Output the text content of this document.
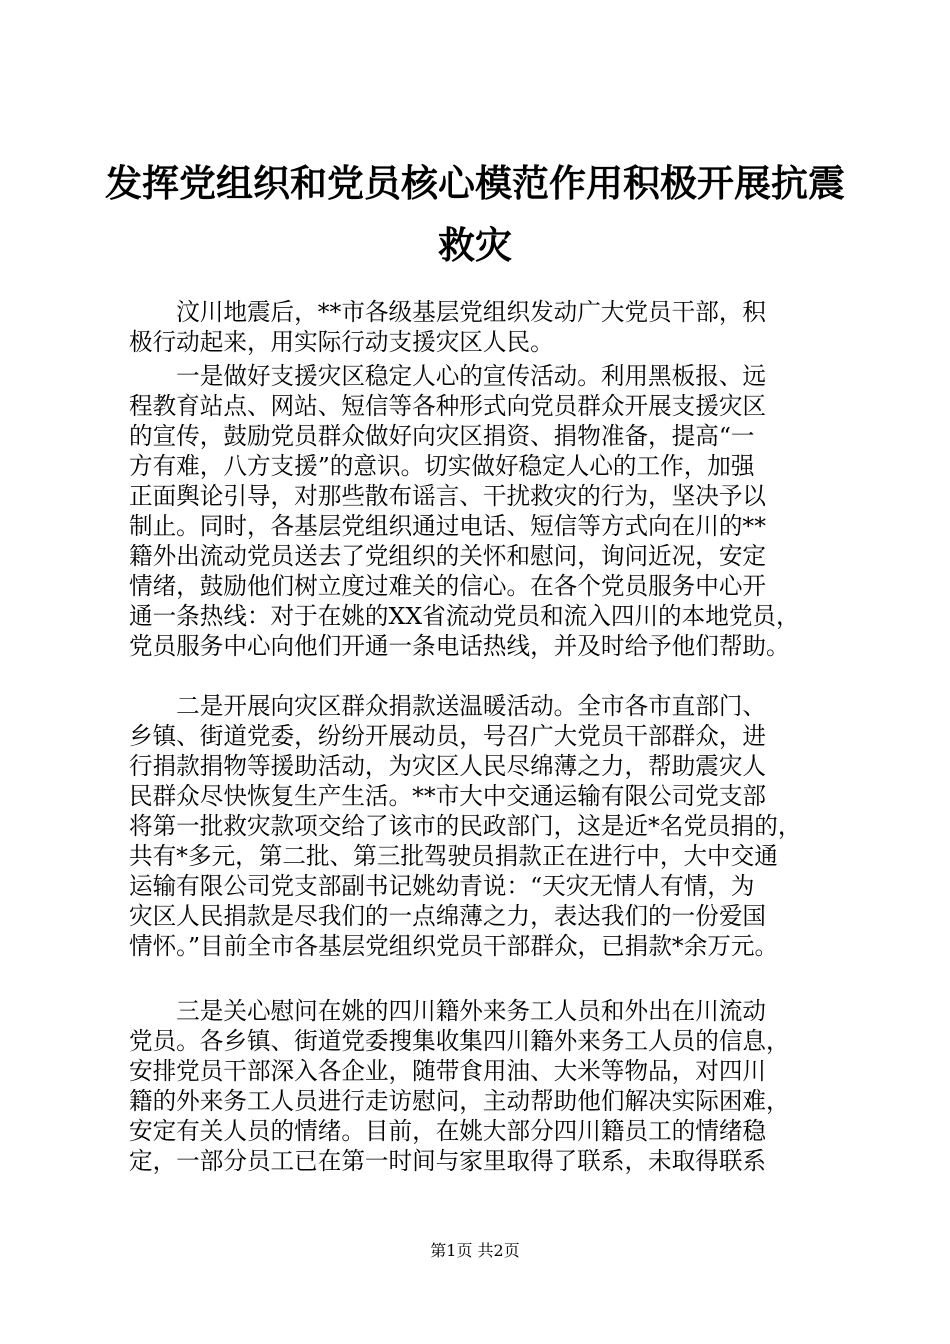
发挥党组织和党员核心模范作用积极开展抗震
救灾

　　汶川地震后，**市各级基层党组织发动广大党员干部，积
极行动起来，用实际行动支援灾区人民。

　　一是做好支援灾区稳定人心的宣传活动。利用黑板报、远
程教育站点、网站、短信等各种形式向党员群众开展支援灾区
的宣传，鼓励党员群众做好向灾区捐资、捐物准备，提高“一
方有难，八方支援”的意识。切实做好稳定人心的工作，加强
正面舆论引导，对那些散布谣言、干扰救灾的行为，坚决予以
制止。同时，各基层党组织通过电话、短信等方式向在川的**
籍外出流动党员送去了党组织的关怀和慰问，询问近况，安定
情绪，鼓励他们树立度过难关的信心。在各个党员服务中心开
通一条热线：对于在姚的XX省流动党员和流入四川的本地党员，
党员服务中心向他们开通一条电话热线，并及时给予他们帮助。

　　二是开展向灾区群众捐款送温暖活动。全市各市直部门、
乡镇、街道党委，纷纷开展动员，号召广大党员干部群众，进
行捐款捐物等援助活动，为灾区人民尽绵薄之力，帮助震灾人
民群众尽快恢复生产生活。**市大中交通运输有限公司党支部
将第一批救灾款项交给了该市的民政部门，这是近*名党员捐的，
共有*多元，第二批、第三批驾驶员捐款正在进行中，大中交通
运输有限公司党支部副书记姚幼青说：“天灾无情人有情，为
灾区人民捐款是尽我们的一点绵薄之力，表达我们的一份爱国
情怀。”目前全市各基层党组织党员干部群众，已捐款*余万元。

　　三是关心慰问在姚的四川籍外来务工人员和外出在川流动
党员。各乡镇、街道党委搜集收集四川籍外来务工人员的信息，
安排党员干部深入各企业，随带食用油、大米等物品，对四川
籍的外来务工人员进行走访慰问，主动帮助他们解决实际困难，
安定有关人员的情绪。目前，在姚大部分四川籍员工的情绪稳
定，一部分员工已在第一时间与家里取得了联系，未取得联系

第1页 共2页
